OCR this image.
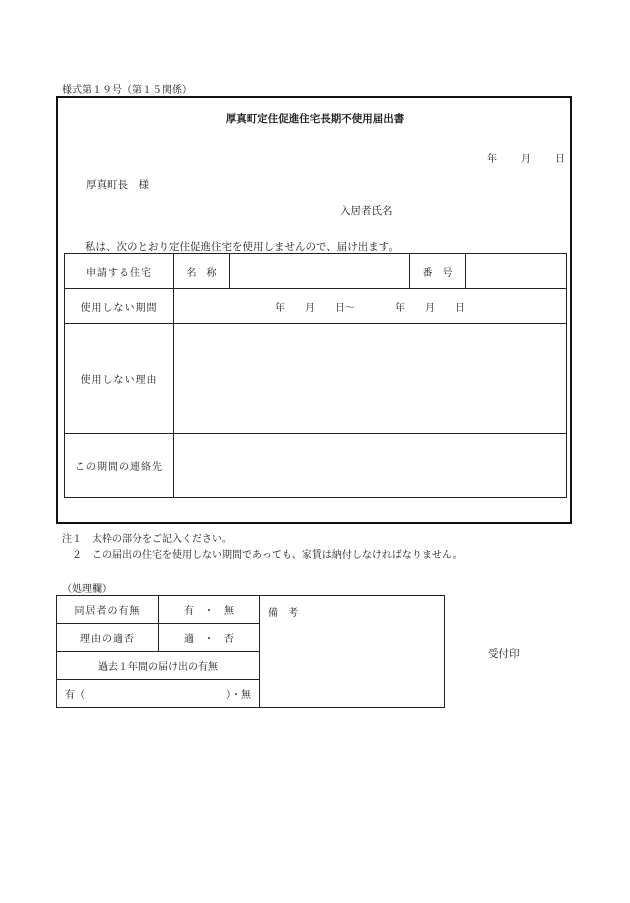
様式第１９号（第１５関係）
厚真町定住促進住宅長期不使用届出書
年 月 日
厚真町長　様
入居者氏名
私は、次のとおり定住促進住宅を使用しませんので、届け出ます。
申請する住宅	名　称		番　号	
使用しない期間	年　　月　　日～　　　　年　　月　　日			
使用しない理由				
この期間の連絡先				
注１　太枠の部分をご記入ください。
　２　この届出の住宅を使用しない期間であっても、家賃は納付しなければなりません。
（処理欄）
同居者の有無	有　・　無	備　考
理由の適否	適　・　否	
過去１年間の届け出の有無		
有（ ）・無		
受付印
